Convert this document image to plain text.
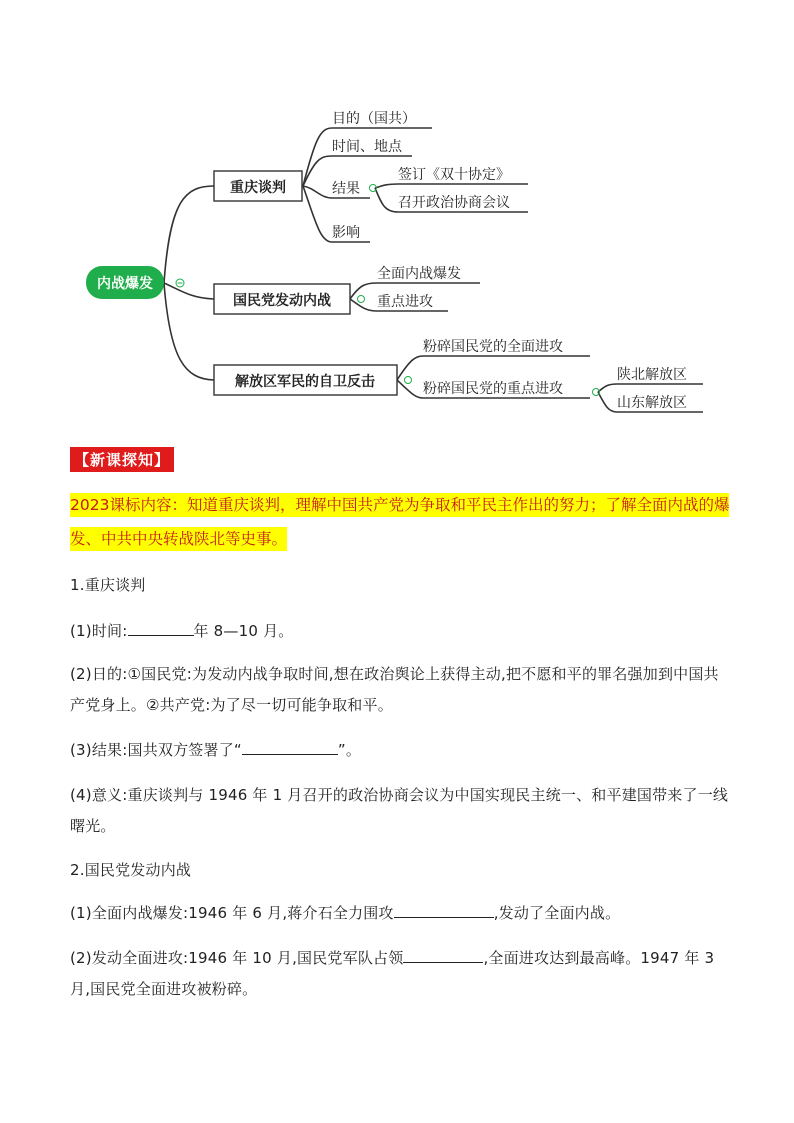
内战爆发
重庆谈判
国民党发动内战
解放区军民的自卫反击
目的（国共）
时间、地点
结果
影响
签订《双十协定》
召开政治协商会议
全面内战爆发
重点进攻
粉碎国民党的全面进攻
粉碎国民党的重点进攻
陕北解放区
山东解放区
【新课探知】
2023课标内容：知道重庆谈判，理解中国共产党为争取和平民主作出的努力；了解全面内战的爆发、中共中央转战陕北等史事。
1.重庆谈判
(1)时间:	年 8—10 月。
(2)日的:①国民党:为发动内战争取时间,想在政治舆论上获得主动,把不愿和平的罪名强加到中国共产党身上。②共产党:为了尽一切可能争取和平。
(3)结果:国共双方签署了“	”。
(4)意义:重庆谈判与 1946 年 1 月召开的政治协商会议为中国实现民主统一、和平建国带来了一线曙光。
2.国民党发动内战
(1)全面内战爆发:1946 年 6 月,蒋介石全力围攻	,发动了全面内战。
(2)发动全面进攻:1946 年 10 月,国民党军队占领	,全面进攻达到最高峰。1947 年 3 月,国民党全面进攻被粉碎。
